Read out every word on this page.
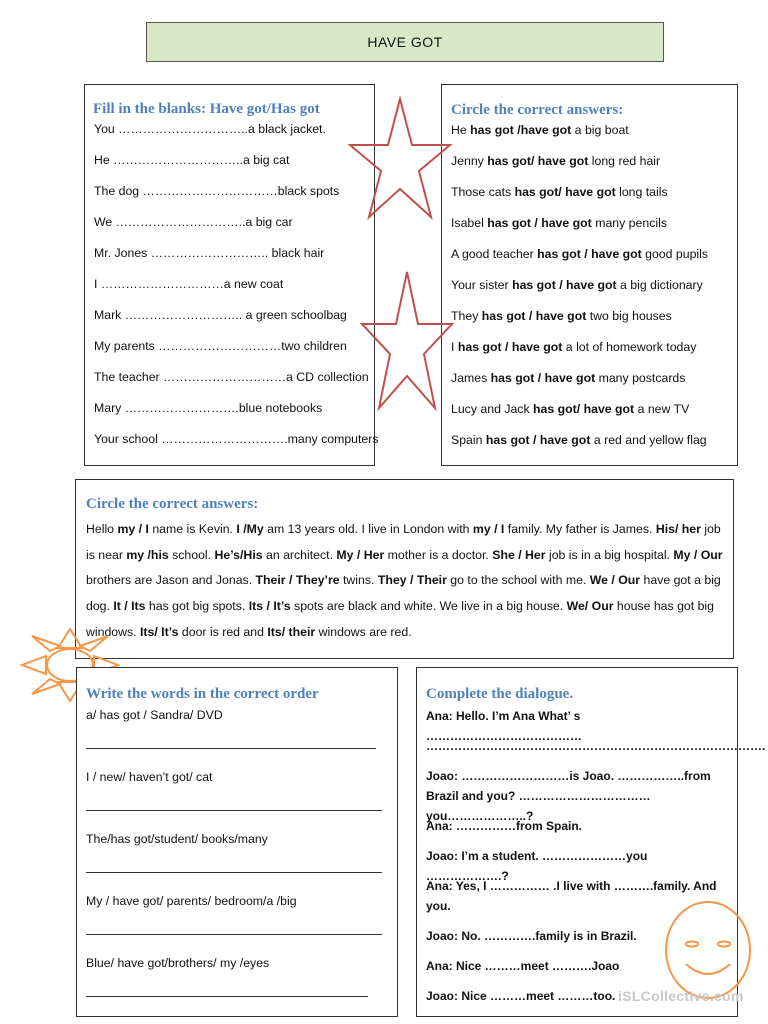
HAVE GOT
Fill in the blanks: Have got/Has got
You …………………………..a black jacket.
He …………………………..a big cat
The dog ……………………………black spots
We …………………………..a big car
Mr. Jones ……………………….. black hair
I …………………………a new coat
Mark ……………………….. a green schoolbag
My parents …………………………two children
The teacher …………………………a CD collection
Mary ……………………….blue notebooks
Your school ………………………….many computers
Circle the correct answers:
He has got /have got a big boat
Jenny has got/ have got long red hair
Those cats has got/ have got long tails
Isabel has got / have got many pencils
A good teacher has got / have got good pupils
Your sister has got / have got a big dictionary
They has got / have got two big houses
I has got / have got a lot of homework today
James has got / have got many postcards
Lucy and Jack has got/ have got a new TV
Spain has got / have got a red and yellow flag
Circle the correct answers:
Hello my / I name is Kevin. I /My am 13 years old. I live in London with my / I family. My father is James. His/ her job is near my /his school. He’s/His an architect. My / Her mother is a doctor. She / Her job is in a big hospital. My / Our brothers are Jason and Jonas. Their / They’re twins. They / Their go to the school with me. We / Our have got a big dog. It / Its has got big spots. Its / It’s spots are black and white. We live in a big house. We/ Our house has got big windows. Its/ It’s door is red and Its/ their windows are red.
Write the words in the correct order
a/ has got / Sandra/ DVD
I / new/ haven’t got/ cat
The/has got/student/ books/many
My / have got/ parents/ bedroom/a /big
Blue/ have got/brothers/ my /eyes
Complete the dialogue.
Ana: Hello. I’m Ana What’ s …………………………………
………………………………………………………………………….
Joao: ………………………is Joao. ……………..from Brazil and you? ……………………………you………………..?
Ana: ……………from Spain.
Joao: I’m a student. …………………you ……………….?
Ana: Yes, I …………… .I live with ……….family. And you.
Joao: No. ………….family is in Brazil.
Ana: Nice ………meet ……….Joao
Joao: Nice ………meet ………too. iSLCollective.com
